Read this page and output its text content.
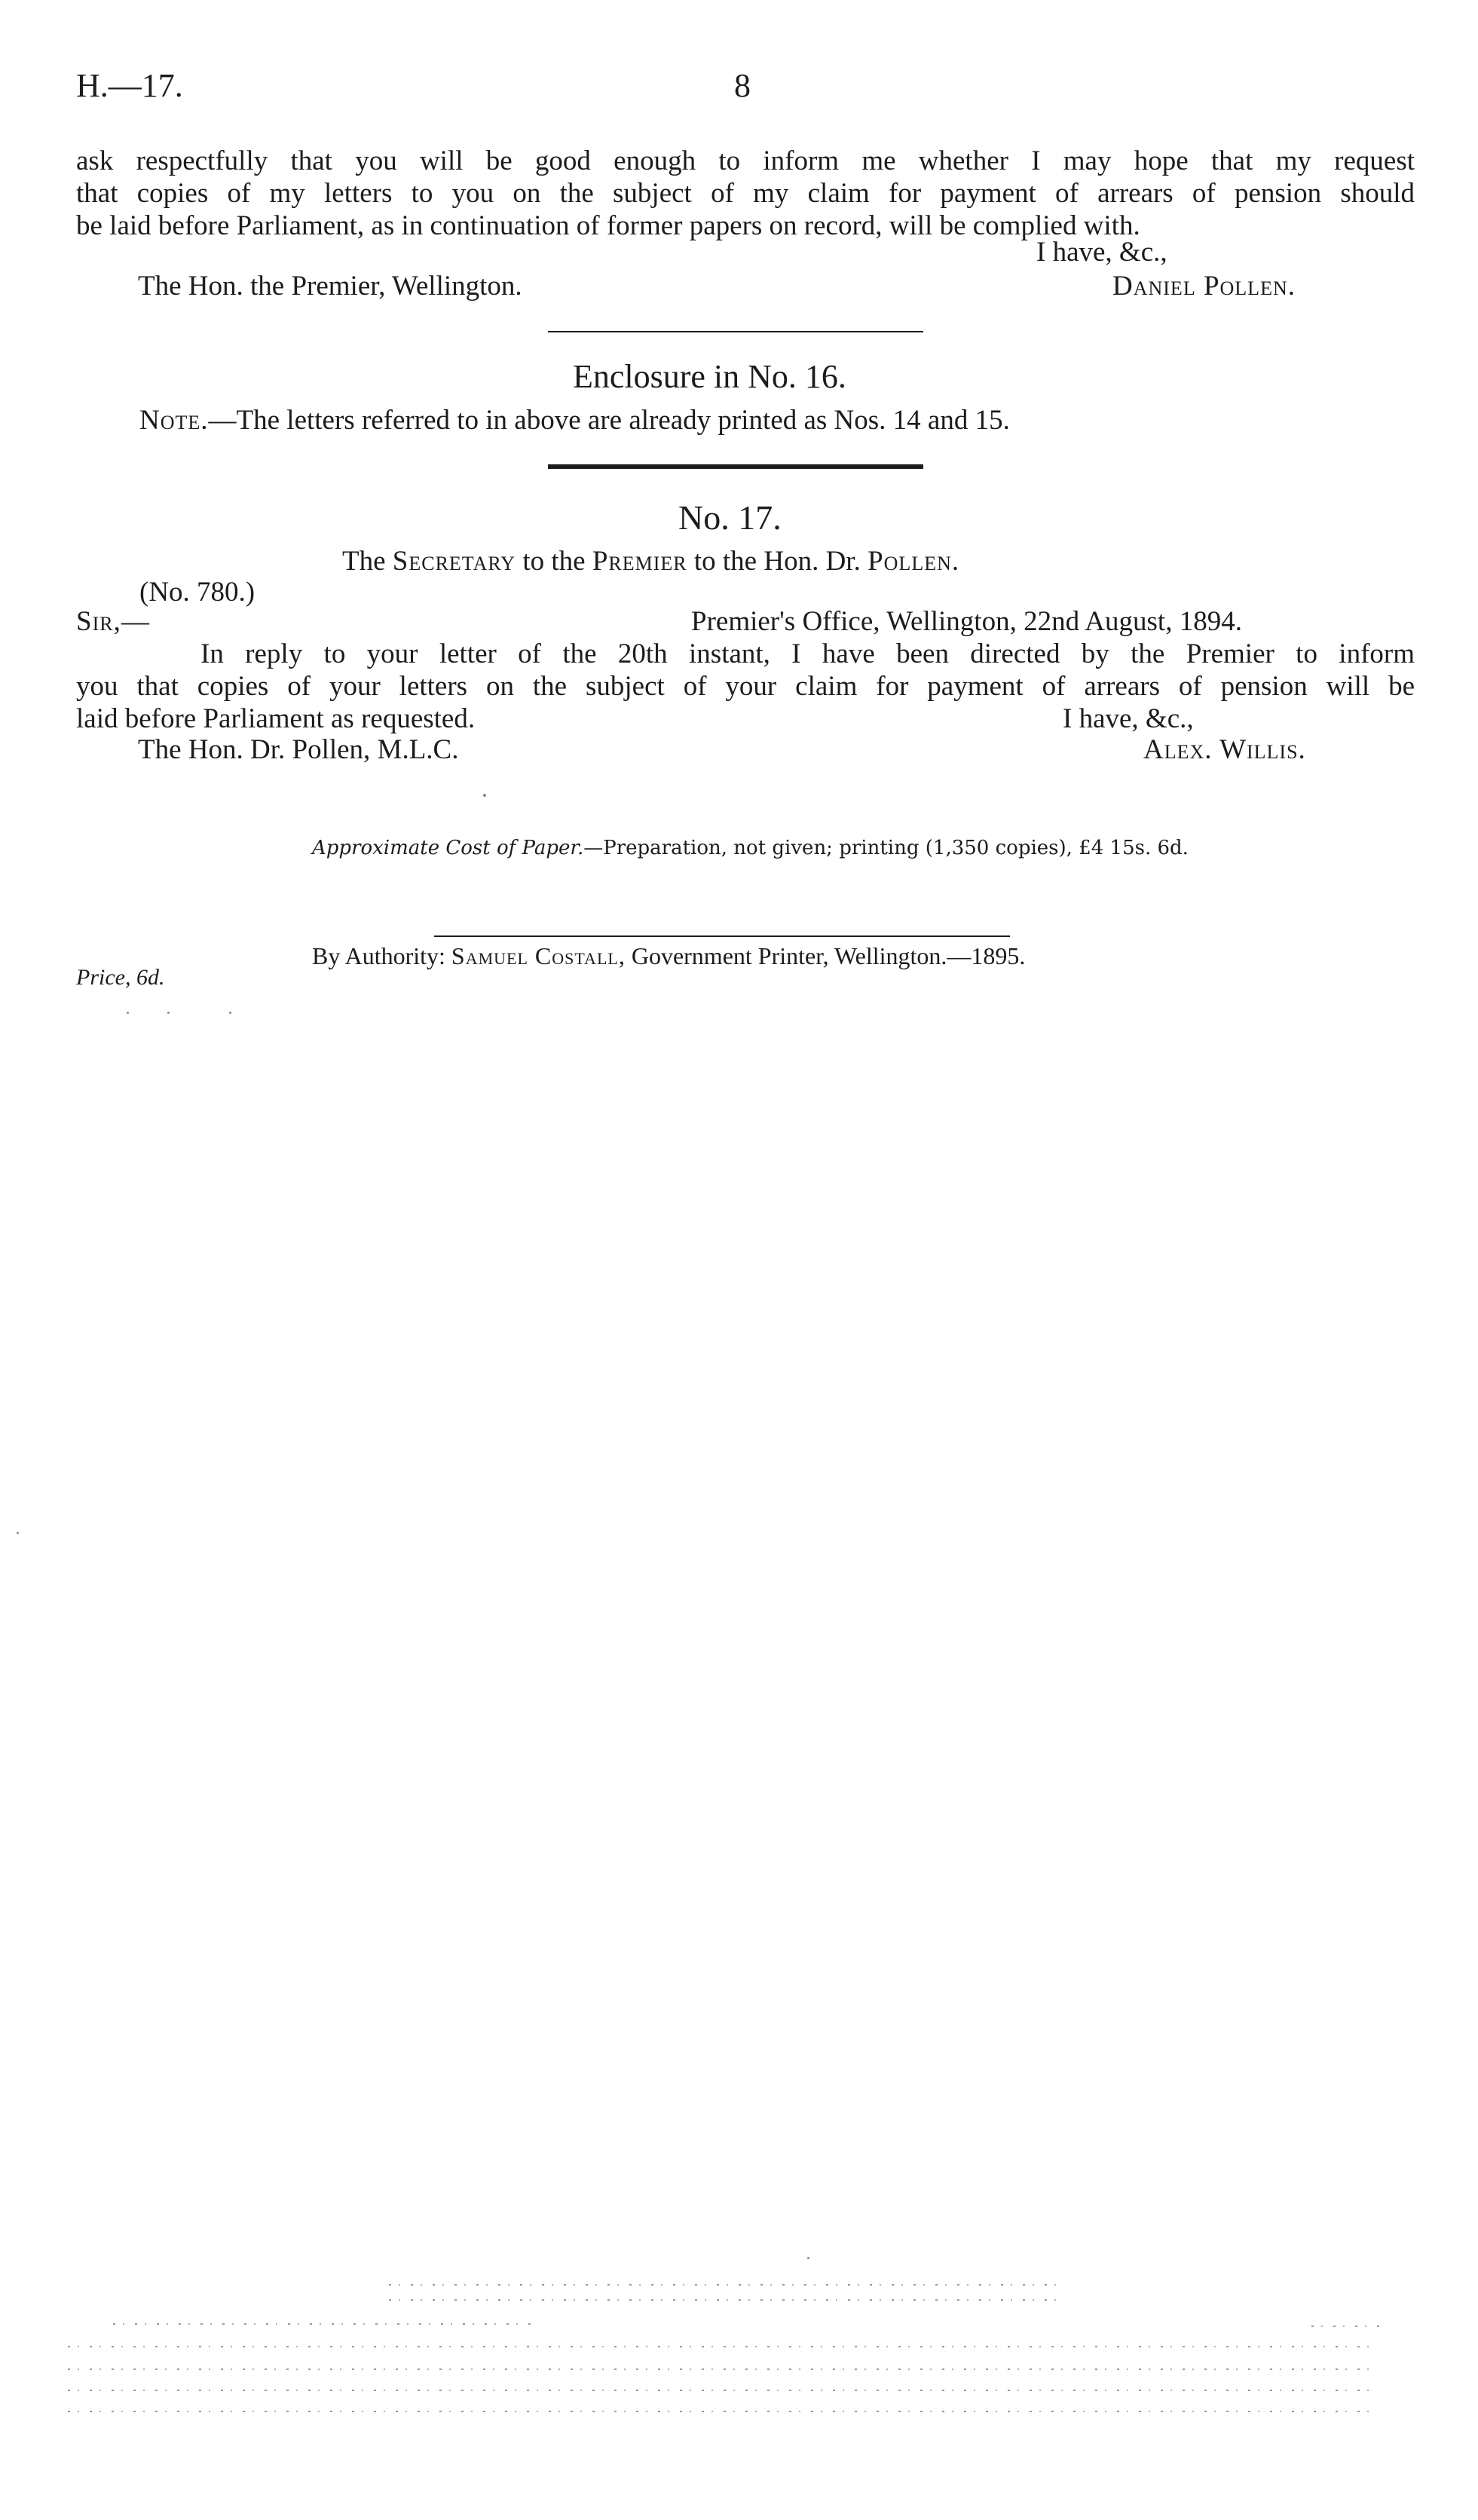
H.—17.	8
ask respectfully that you will be good enough to inform me whether I may hope that my request
that copies of my letters to you on the subject of my claim for payment of arrears of pension should
be laid before Parliament, as in continuation of former papers on record, will be complied with.
I have, &c.,
The Hon. the Premier, Wellington.	Daniel Pollen.
Enclosure in No. 16.
Note.—The letters referred to in above are already printed as Nos. 14 and 15.
No. 17.
The Secretary to the Premier to the Hon. Dr. Pollen.
(No. 780.)
Sir,—	Premier's Office, Wellington, 22nd August, 1894.
In reply to your letter of the 20th instant, I have been directed by the Premier to inform
you that copies of your letters on the subject of your claim for payment of arrears of pension will be
laid before Parliament as requested.	I have, &c.,
The Hon. Dr. Pollen, M.L.C.	Alex. Willis.
Approximate Cost of Paper.—Preparation, not given; printing (1,350 copies), £4 15s. 6d.
Price, 6d.
By Authority: Samuel Costall, Government Printer, Wellington.—1895.
